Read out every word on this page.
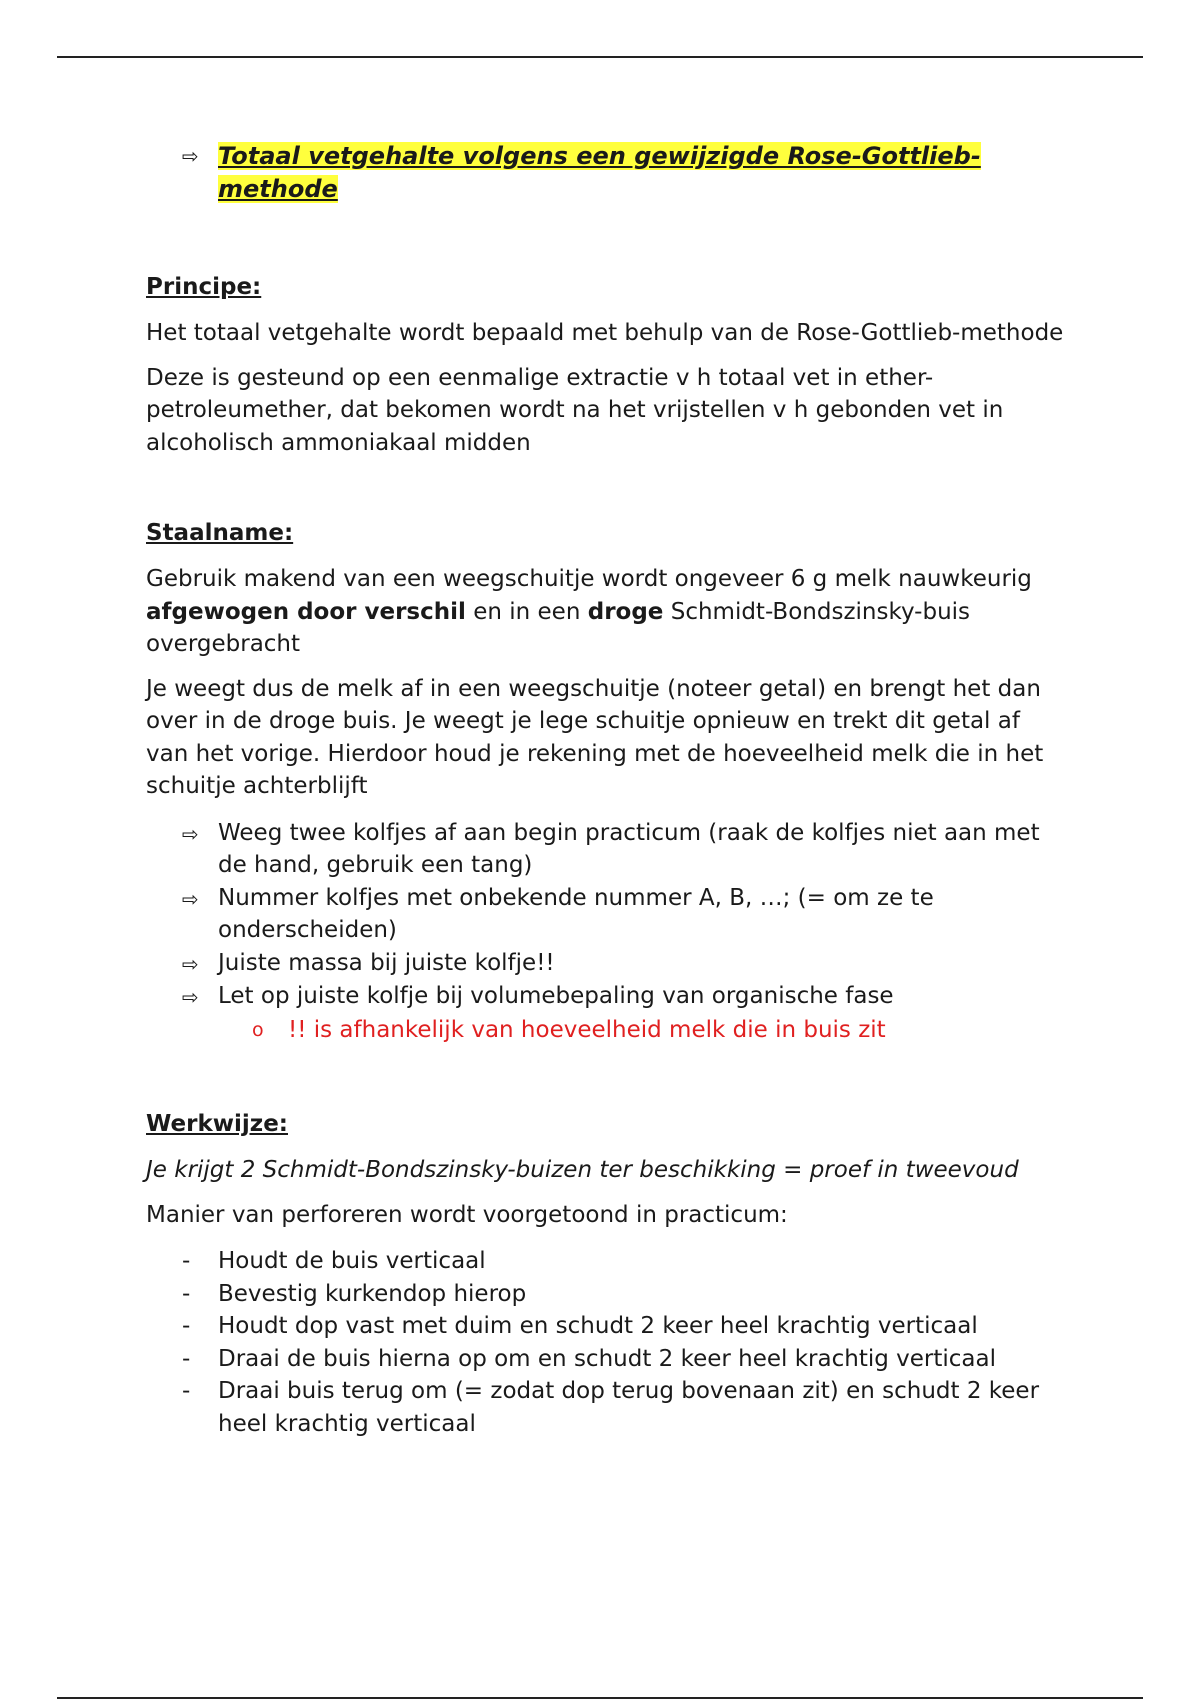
⇨ Totaal vetgehalte volgens een gewijzigde Rose-Gottlieb-
methode
Principe:

Het totaal vetgehalte wordt bepaald met behulp van de Rose-Gottlieb-methode

Deze is gesteund op een eenmalige extractie v h totaal vet in ether-petroleumether, dat bekomen wordt na het vrijstellen v h gebonden vet in alcoholisch ammoniakaal midden

Staalname:

Gebruik makend van een weegschuitje wordt ongeveer 6 g melk nauwkeurig afgewogen door verschil en in een droge Schmidt-Bondszinsky-buis overgebracht

Je weegt dus de melk af in een weegschuitje (noteer getal) en brengt het dan over in de droge buis. Je weegt je lege schuitje opnieuw en trekt dit getal af van het vorige. Hierdoor houd je rekening met de hoeveelheid melk die in het schuitje achterblijft

⇨ Weeg twee kolfjes af aan begin practicum (raak de kolfjes niet aan met de hand, gebruik een tang)
⇨ Nummer kolfjes met onbekende nummer A, B, …; (= om ze te onderscheiden)
⇨ Juiste massa bij juiste kolfje!!
⇨ Let op juiste kolfje bij volumebepaling van organische fase
o	!! is afhankelijk van hoeveelheid melk die in buis zit
Werkwijze:

Je krijgt 2 Schmidt-Bondszinsky-buizen ter beschikking = proef in tweevoud

Manier van perforeren wordt voorgetoond in practicum:

-	Houdt de buis verticaal
-	Bevestig kurkendop hierop
-	Houdt dop vast met duim en schudt 2 keer heel krachtig verticaal
-	Draai de buis hierna op om en schudt 2 keer heel krachtig verticaal
-	Draai buis terug om (= zodat dop terug bovenaan zit) en schudt 2 keer heel krachtig verticaal
